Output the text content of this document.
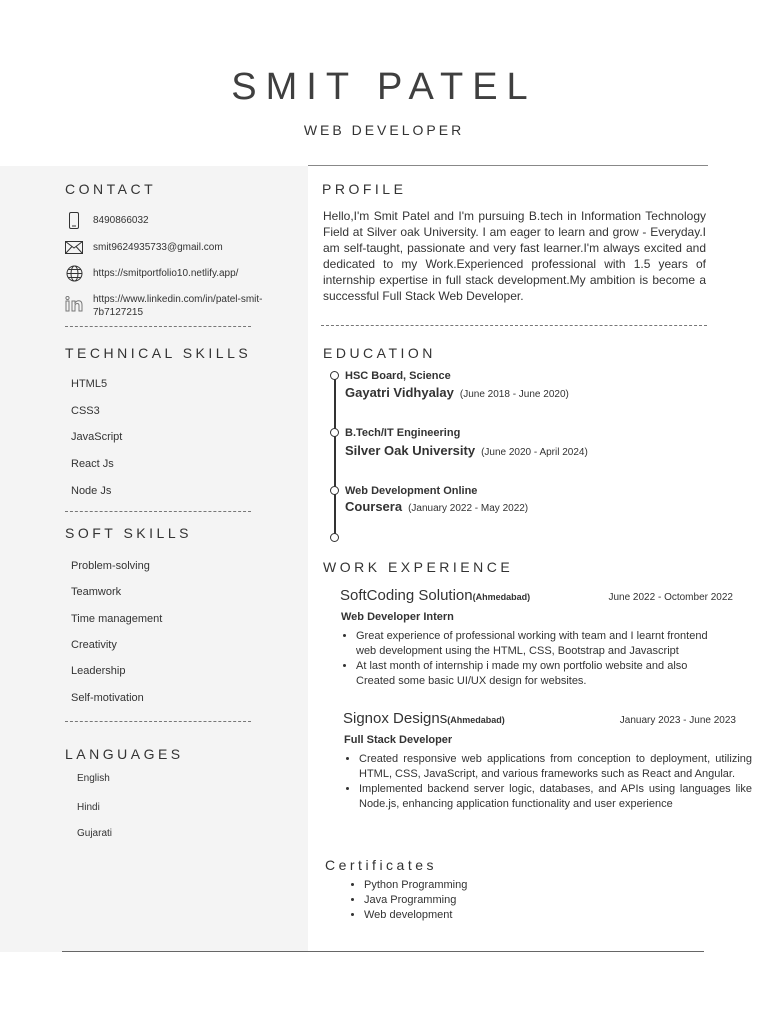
SMIT PATEL
WEB DEVELOPER
CONTACT
8490866032
smit9624935733@gmail.com
https://smitportfolio10.netlify.app/
https://www.linkedin.com/in/patel-smit-7b7127215
TECHNICAL SKILLS
HTML5
CSS3
JavaScript
React Js
Node Js
SOFT SKILLS
Problem-solving
Teamwork
Time management
Creativity
Leadership
Self-motivation
LANGUAGES
English
Hindi
Gujarati
PROFILE
Hello,I'm Smit Patel and I'm pursuing B.tech in Information Technology Field at Silver oak University. I am eager to learn and grow - Everyday.I am self-taught, passionate and very fast learner.I'm always excited and dedicated to my Work.Experienced professional with 1.5 years of internship expertise in full stack development.My ambition is become a successful Full Stack Web Developer.
EDUCATION
HSC Board, Science
Gayatri Vidhyalay (June 2018 - June 2020)
B.Tech/IT Engineering
Silver Oak University (June 2020 - April 2024)
Web Development Online
Coursera (January 2022 - May 2022)
WORK EXPERIENCE
SoftCoding Solution(Ahmedabad)	June 2022 - Octomber 2022
Web Developer Intern
• Great experience of professional working with team and I learnt frontend web development using the HTML, CSS, Bootstrap and Javascript
• At last month of internship i made my own portfolio website and also Created some basic UI/UX design for websites.
Signox Designs(Ahmedabad)	January 2023 - June 2023
Full Stack Developer
• Created responsive web applications from conception to deployment, utilizing HTML, CSS, JavaScript, and various frameworks such as React and Angular.
• Implemented backend server logic, databases, and APIs using languages like Node.js, enhancing application functionality and user experience
Certificates
• Python Programming
• Java Programming
• Web development
